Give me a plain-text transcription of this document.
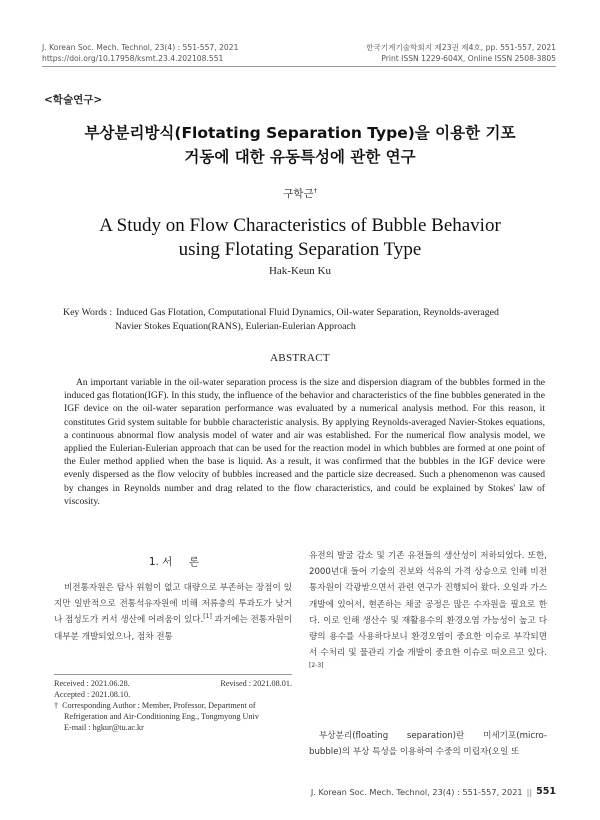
J. Korean Soc. Mech. Technol, 23(4) : 551-557, 2021
https://doi.org/10.17958/ksmt.23.4.202108.551
한국기계기술학회지 제23권 제4호, pp. 551-557, 2021
Print ISSN 1229-604X, Online ISSN 2508-3805
<학술연구>
부상분리방식(Flotating Separation Type)을 이용한 기포
거동에 대한 유동특성에 관한 연구
구학근†
A Study on Flow Characteristics of Bubble Behavior
using Flotating Separation Type
Hak-Keun Ku
Key Words : Induced Gas Flotation, Computational Fluid Dynamics, Oil-water Separation, Reynolds-averaged
Navier Stokes Equation(RANS), Eulerian-Eulerian Approach
ABSTRACT
An important variable in the oil-water separation process is the size and dispersion diagram of the bubbles formed in the induced gas flotation(IGF). In this study, the influence of the behavior and characteristics of the fine bubbles generated in the IGF device on the oil-water separation performance was evaluated by a numerical analysis method. For this reason, it constitutes Grid system suitable for bubble characteristic analysis. By applying Reynolds-averaged Navier-Stokes equations, a continuous abnormal flow analysis model of water and air was established. For the numerical flow analysis model, we applied the Eulerian-Eulerian approach that can be used for the reaction model in which bubbles are formed at one point of the Euler method applied when the base is liquid. As a result, it was confirmed that the bubbles in the IGF device were evenly dispersed as the flow velocity of bubbles increased and the particle size decreased. Such a phenomenon was caused by changes in Reynolds number and drag related to the flow characteristics, and could be explained by Stokes' law of viscosity.
1. 서     론
비전통자원은 탐사 위험이 없고 대량으로 부존하는 장점이 있지만 일반적으로 전통석유자원에 비해 저류층의 투과도가 낮거나 점성도가 커서 생산에 어려움이 있다.[1] 과거에는 전통자원이 대부분 개발되었으나, 점차 전통
Received : 2021.06.28.	Revised : 2021.08.01.
Accepted : 2021.08.10.
† Corresponding Author : Member, Professor, Department of
Refrigeration and Air-Conditioning Eng., Tongmyong Univ
E-mail : hgkur@tu.ac.kr
유전의 발굴 감소 및 기존 유전들의 생산성이 저하되었다. 또한, 2000년대 들어 기술의 진보와 석유의 가격 상승으로 인해 비전통자원이 각광받으면서 관련 연구가 진행되어 왔다. 오일과 가스 개발에 있어서, 현존하는 채굴 공정은 많은 수자원을 필요로 한다. 이로 인해 생산수 및 재활용수의 환경오염 가능성이 높고 다량의 용수를 사용하다보니 환경오염이 중요한 이슈로 부각되면서 수처리 및 물관리 기술 개발이 중요한 이슈로 떠오르고 있다.[2-3]
부상분리(floating separation)란 미세기포(micro-bubble)의 부상 특성을 이용하여 수중의 미립자(오일 또
J. Korean Soc. Mech. Technol, 23(4) : 551-557, 2021 || 551
